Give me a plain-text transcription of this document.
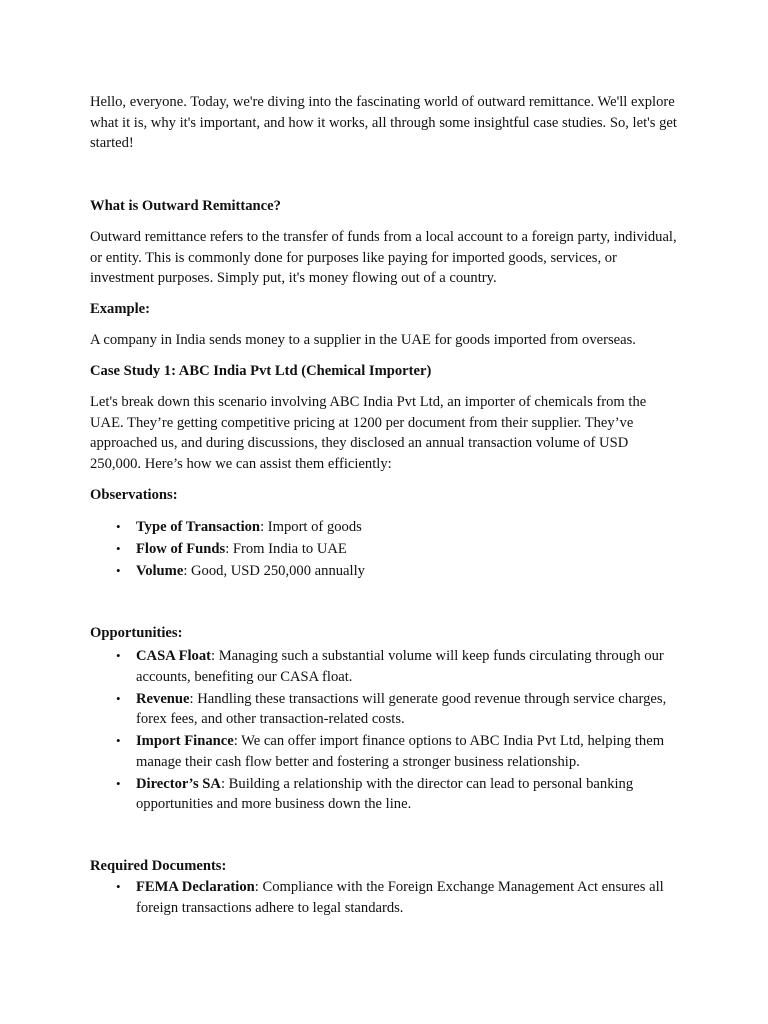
Hello, everyone. Today, we're diving into the fascinating world of outward remittance. We'll explore what it is, why it's important, and how it works, all through some insightful case studies. So, let's get started!

What is Outward Remittance?

Outward remittance refers to the transfer of funds from a local account to a foreign party, individual, or entity. This is commonly done for purposes like paying for imported goods, services, or investment purposes. Simply put, it's money flowing out of a country.

Example:

A company in India sends money to a supplier in the UAE for goods imported from overseas.

Case Study 1: ABC India Pvt Ltd (Chemical Importer)

Let's break down this scenario involving ABC India Pvt Ltd, an importer of chemicals from the UAE. They’re getting competitive pricing at 1200 per document from their supplier. They’ve approached us, and during discussions, they disclosed an annual transaction volume of USD 250,000. Here’s how we can assist them efficiently:

Observations:

• Type of Transaction: Import of goods
• Flow of Funds: From India to UAE
• Volume: Good, USD 250,000 annually

Opportunities:

• CASA Float: Managing such a substantial volume will keep funds circulating through our accounts, benefiting our CASA float.
• Revenue: Handling these transactions will generate good revenue through service charges, forex fees, and other transaction-related costs.
• Import Finance: We can offer import finance options to ABC India Pvt Ltd, helping them manage their cash flow better and fostering a stronger business relationship.
• Director’s SA: Building a relationship with the director can lead to personal banking opportunities and more business down the line.

Required Documents:

• FEMA Declaration: Compliance with the Foreign Exchange Management Act ensures all foreign transactions adhere to legal standards.
